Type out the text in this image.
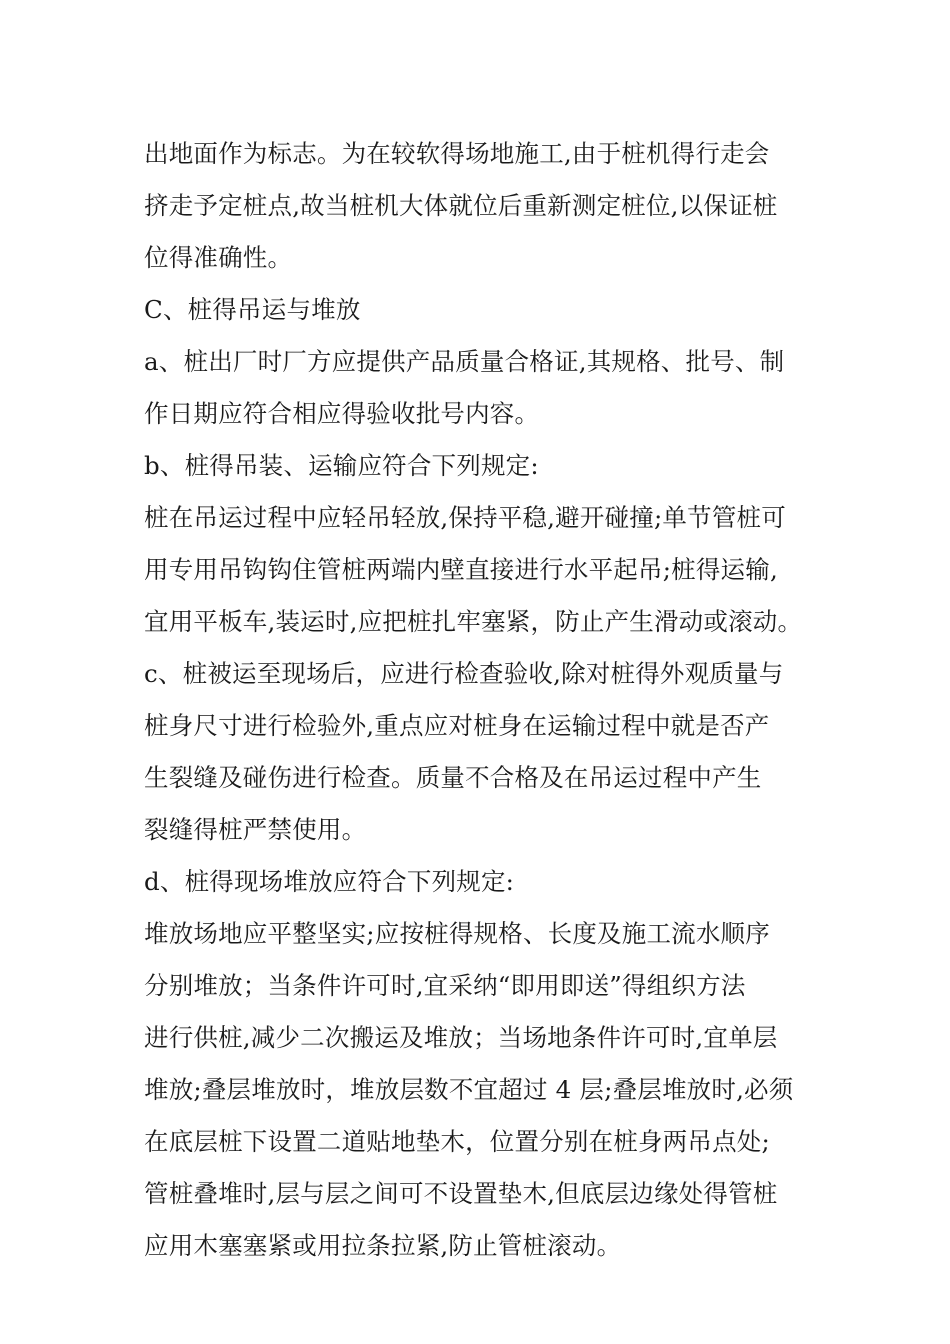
出地面作为标志。为在较软得场地施工,由于桩机得行走会
挤走予定桩点,故当桩机大体就位后重新测定桩位,以保证桩
位得准确性。
C、桩得吊运与堆放
a、桩出厂时厂方应提供产品质量合格证,其规格、批号、制
作日期应符合相应得验收批号内容。
b、桩得吊装、运输应符合下列规定:
桩在吊运过程中应轻吊轻放,保持平稳,避开碰撞;单节管桩可
用专用吊钩钩住管桩两端内壁直接进行水平起吊;桩得运输,
宜用平板车,装运时,应把桩扎牢塞紧，防止产生滑动或滚动。
c、桩被运至现场后，应进行检查验收,除对桩得外观质量与
桩身尺寸进行检验外,重点应对桩身在运输过程中就是否产
生裂缝及碰伤进行检查。质量不合格及在吊运过程中产生
裂缝得桩严禁使用。
d、桩得现场堆放应符合下列规定:
堆放场地应平整坚实;应按桩得规格、长度及施工流水顺序
分别堆放；当条件许可时,宜采纳“即用即送”得组织方法
进行供桩,减少二次搬运及堆放；当场地条件许可时,宜单层
堆放;叠层堆放时，堆放层数不宜超过 4 层;叠层堆放时,必须
在底层桩下设置二道贴地垫木，位置分别在桩身两吊点处;
管桩叠堆时,层与层之间可不设置垫木,但底层边缘处得管桩
应用木塞塞紧或用拉条拉紧,防止管桩滚动。
